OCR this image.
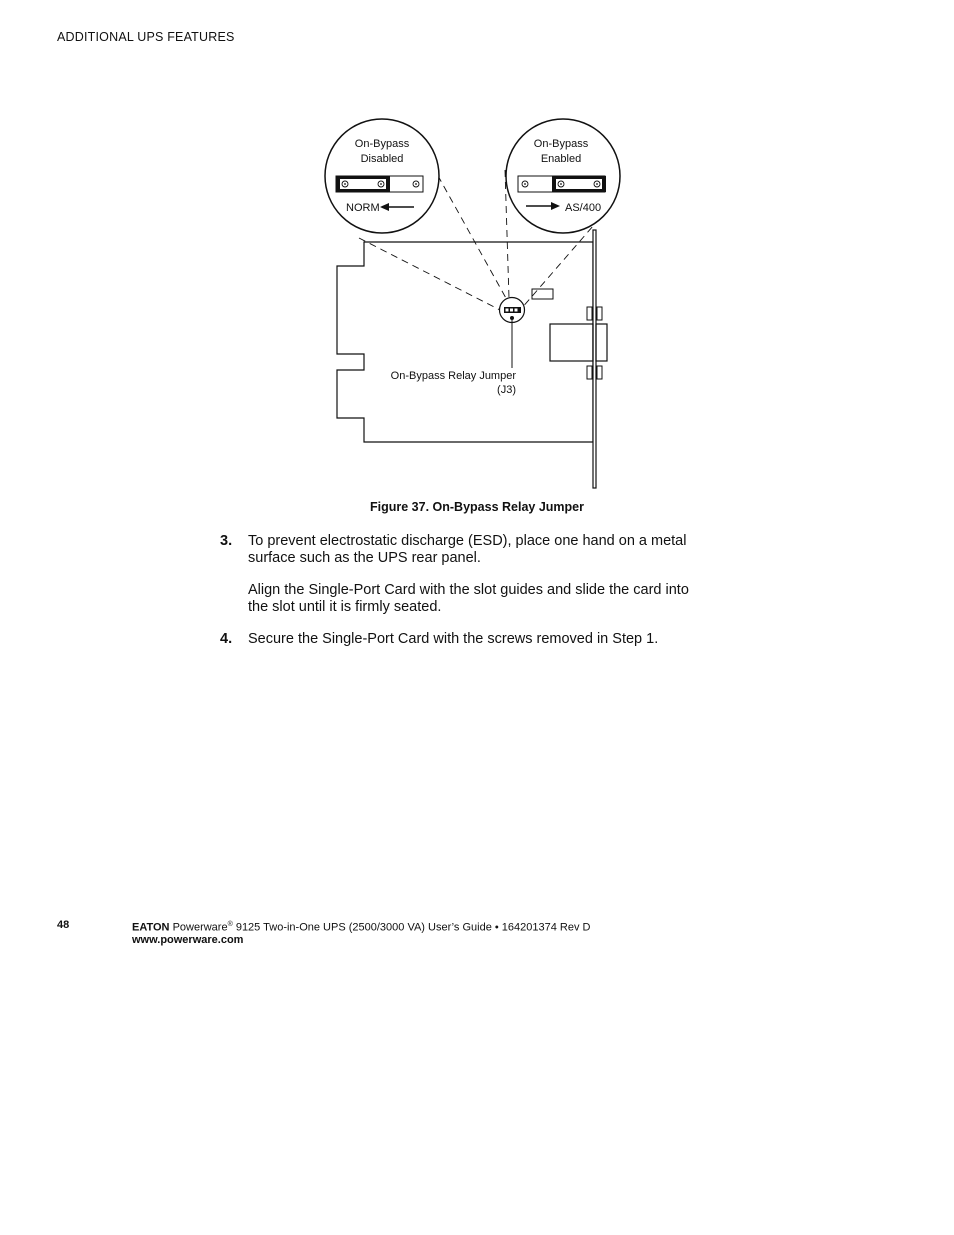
ADDITIONAL UPS FEATURES
On-Bypass
Disabled
NORM
On-Bypass
Enabled
AS/400
On-Bypass Relay Jumper
(J3)
Figure 37. On-Bypass Relay Jumper
3. To prevent electrostatic discharge (ESD), place one hand on a metal surface such as the UPS rear panel.
Align the Single-Port Card with the slot guides and slide the card into the slot until it is firmly seated.
4. Secure the Single-Port Card with the screws removed in Step 1.
48	EATON Powerware® 9125 Two-in-One UPS (2500/3000 VA) User’s Guide • 164201374 Rev D
www.powerware.com
